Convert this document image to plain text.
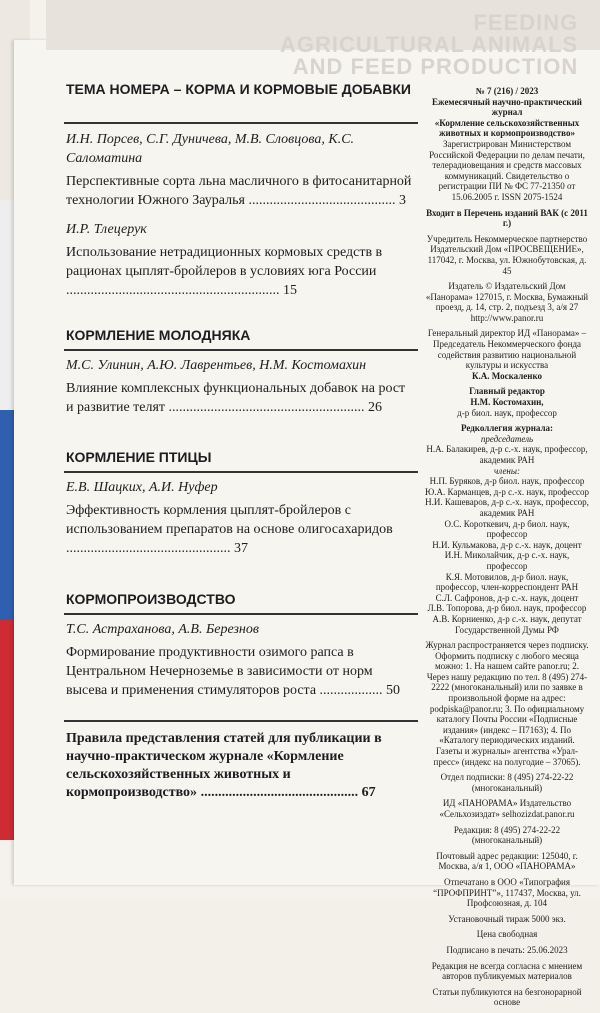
FEEDING
AGRICULTURAL ANIMALS
AND FEED PRODUCTION

ТЕМА НОМЕРА – КОРМА И КОРМОВЫЕ ДОБАВКИ

И.Н. Порсев, С.Г. Дуничева, М.В. Словцова, К.С. Саломатина
Перспективные сорта льна масличного в фитосанитарной технологии Южного Зауралья .......................................... 3
И.Р. Тлецерук
Использование нетрадиционных кормовых средств в рационах цыплят-бройлеров в условиях юга России ............................................................. 15

КОРМЛЕНИЕ МОЛОДНЯКА

М.С. Улинин, А.Ю. Лаврентьев, Н.М. Костомахин
Влияние комплексных функциональных добавок на рост и развитие телят ........................................................ 26

КОРМЛЕНИЕ ПТИЦЫ

Е.В. Шацких, А.И. Нуфер
Эффективность кормления цыплят-бройлеров с использованием препаратов на основе олигосахаридов ............................................... 37

КОРМОПРОИЗВОДСТВО

Т.С. Астраханова, А.В. Березнов
Формирование продуктивности озимого рапса в Центральном Нечерноземье в зависимости от норм высева и применения стимуляторов роста .................. 50
Правила представления статей для публикации в научно-практическом журнале «Кормление сельскохозяйственных животных и кормопроизводство» ............................................. 67

№ 7 (216) / 2023

Ежемесячный научно-практический журнал

«Кормление сельскохозяйственных животных и кормопроизводство»

Зарегистрирован Министерством Российской Федерации по делам печати, телерадиовещания и средств массовых коммуникаций. Свидетельство о регистрации ПИ № ФС 77-21350 от 15.06.2005 г. ISSN 2075-1524

Входит в Перечень изданий ВАК (с 2011 г.)

Учредитель Некоммерческое партнерство Издательский Дом «ПРОСВЕЩЕНИЕ», 117042, г. Москва, ул. Южнобутовская, д. 45

Издатель © Издательский Дом «Панорама» 127015, г. Москва, Бумажный проезд, д. 14, стр. 2, подъезд 3, а/я 27 http://www.panor.ru

Генеральный директор ИД «Панорама» – Председатель Некоммерческого фонда содействия развитию национальной культуры и искусства

К.А. Москаленко

Главный редактор

Н.М. Костомахин,

д-р биол. наук, профессор

Редколлегия журнала:

председатель

Н.А. Балакирев, д-р с.-х. наук, профессор, академик РАН

члены:

Н.П. Буряков, д-р биол. наук, профессор

Ю.А. Карманцев, д-р с.-х. наук, профессор

Н.И. Кашеваров, д-р с.-х. наук, профессор, академик РАН

О.С. Короткевич, д-р биол. наук, профессор

Н.И. Кульмакова, д-р с.-х. наук, доцент

И.Н. Миколайчик, д-р с.-х. наук, профессор

К.Я. Мотовилов, д-р биол. наук, профессор, член-корреспондент РАН

С.Л. Сафронов, д-р с.-х. наук, доцент

Л.В. Топорова, д-р биол. наук, профессор

А.В. Корниенко, д-р с.-х. наук, депутат Государственной Думы РФ

Журнал распространяется через подписку. Оформить подписку с любого месяца можно: 1. На нашем сайте panor.ru; 2. Через нашу редакцию по тел. 8 (495) 274-2222 (многоканальный) или по заявке в произвольной форме на адрес: podpiska@panor.ru; 3. По официальному каталогу Почты России «Подписные издания» (индекс – П7163); 4. По «Каталогу периодических изданий. Газеты и журналы» агентства «Урал-пресс» (индекс на полугодие – 37065).

Отдел подписки: 8 (495) 274-22-22 (многоканальный)

ИД «ПАНОРАМА» Издательство «Сельхозиздат» selhozizdat.panor.ru

Редакция: 8 (495) 274-22-22 (многоканальный)

Почтовый адрес редакции: 125040, г. Москва, а/я 1, ООО «ПАНОРАМА»

Отпечатано в ООО «Типография “ПРОФПРИНТ”», 117437, Москва, ул. Профсоюзная, д. 104

Установочный тираж 5000 экз.

Цена свободная

Подписано в печать: 25.06.2023

Редакция не всегда согласна с мнением авторов публикуемых материалов

Статьи публикуются на безгонорарной основе
